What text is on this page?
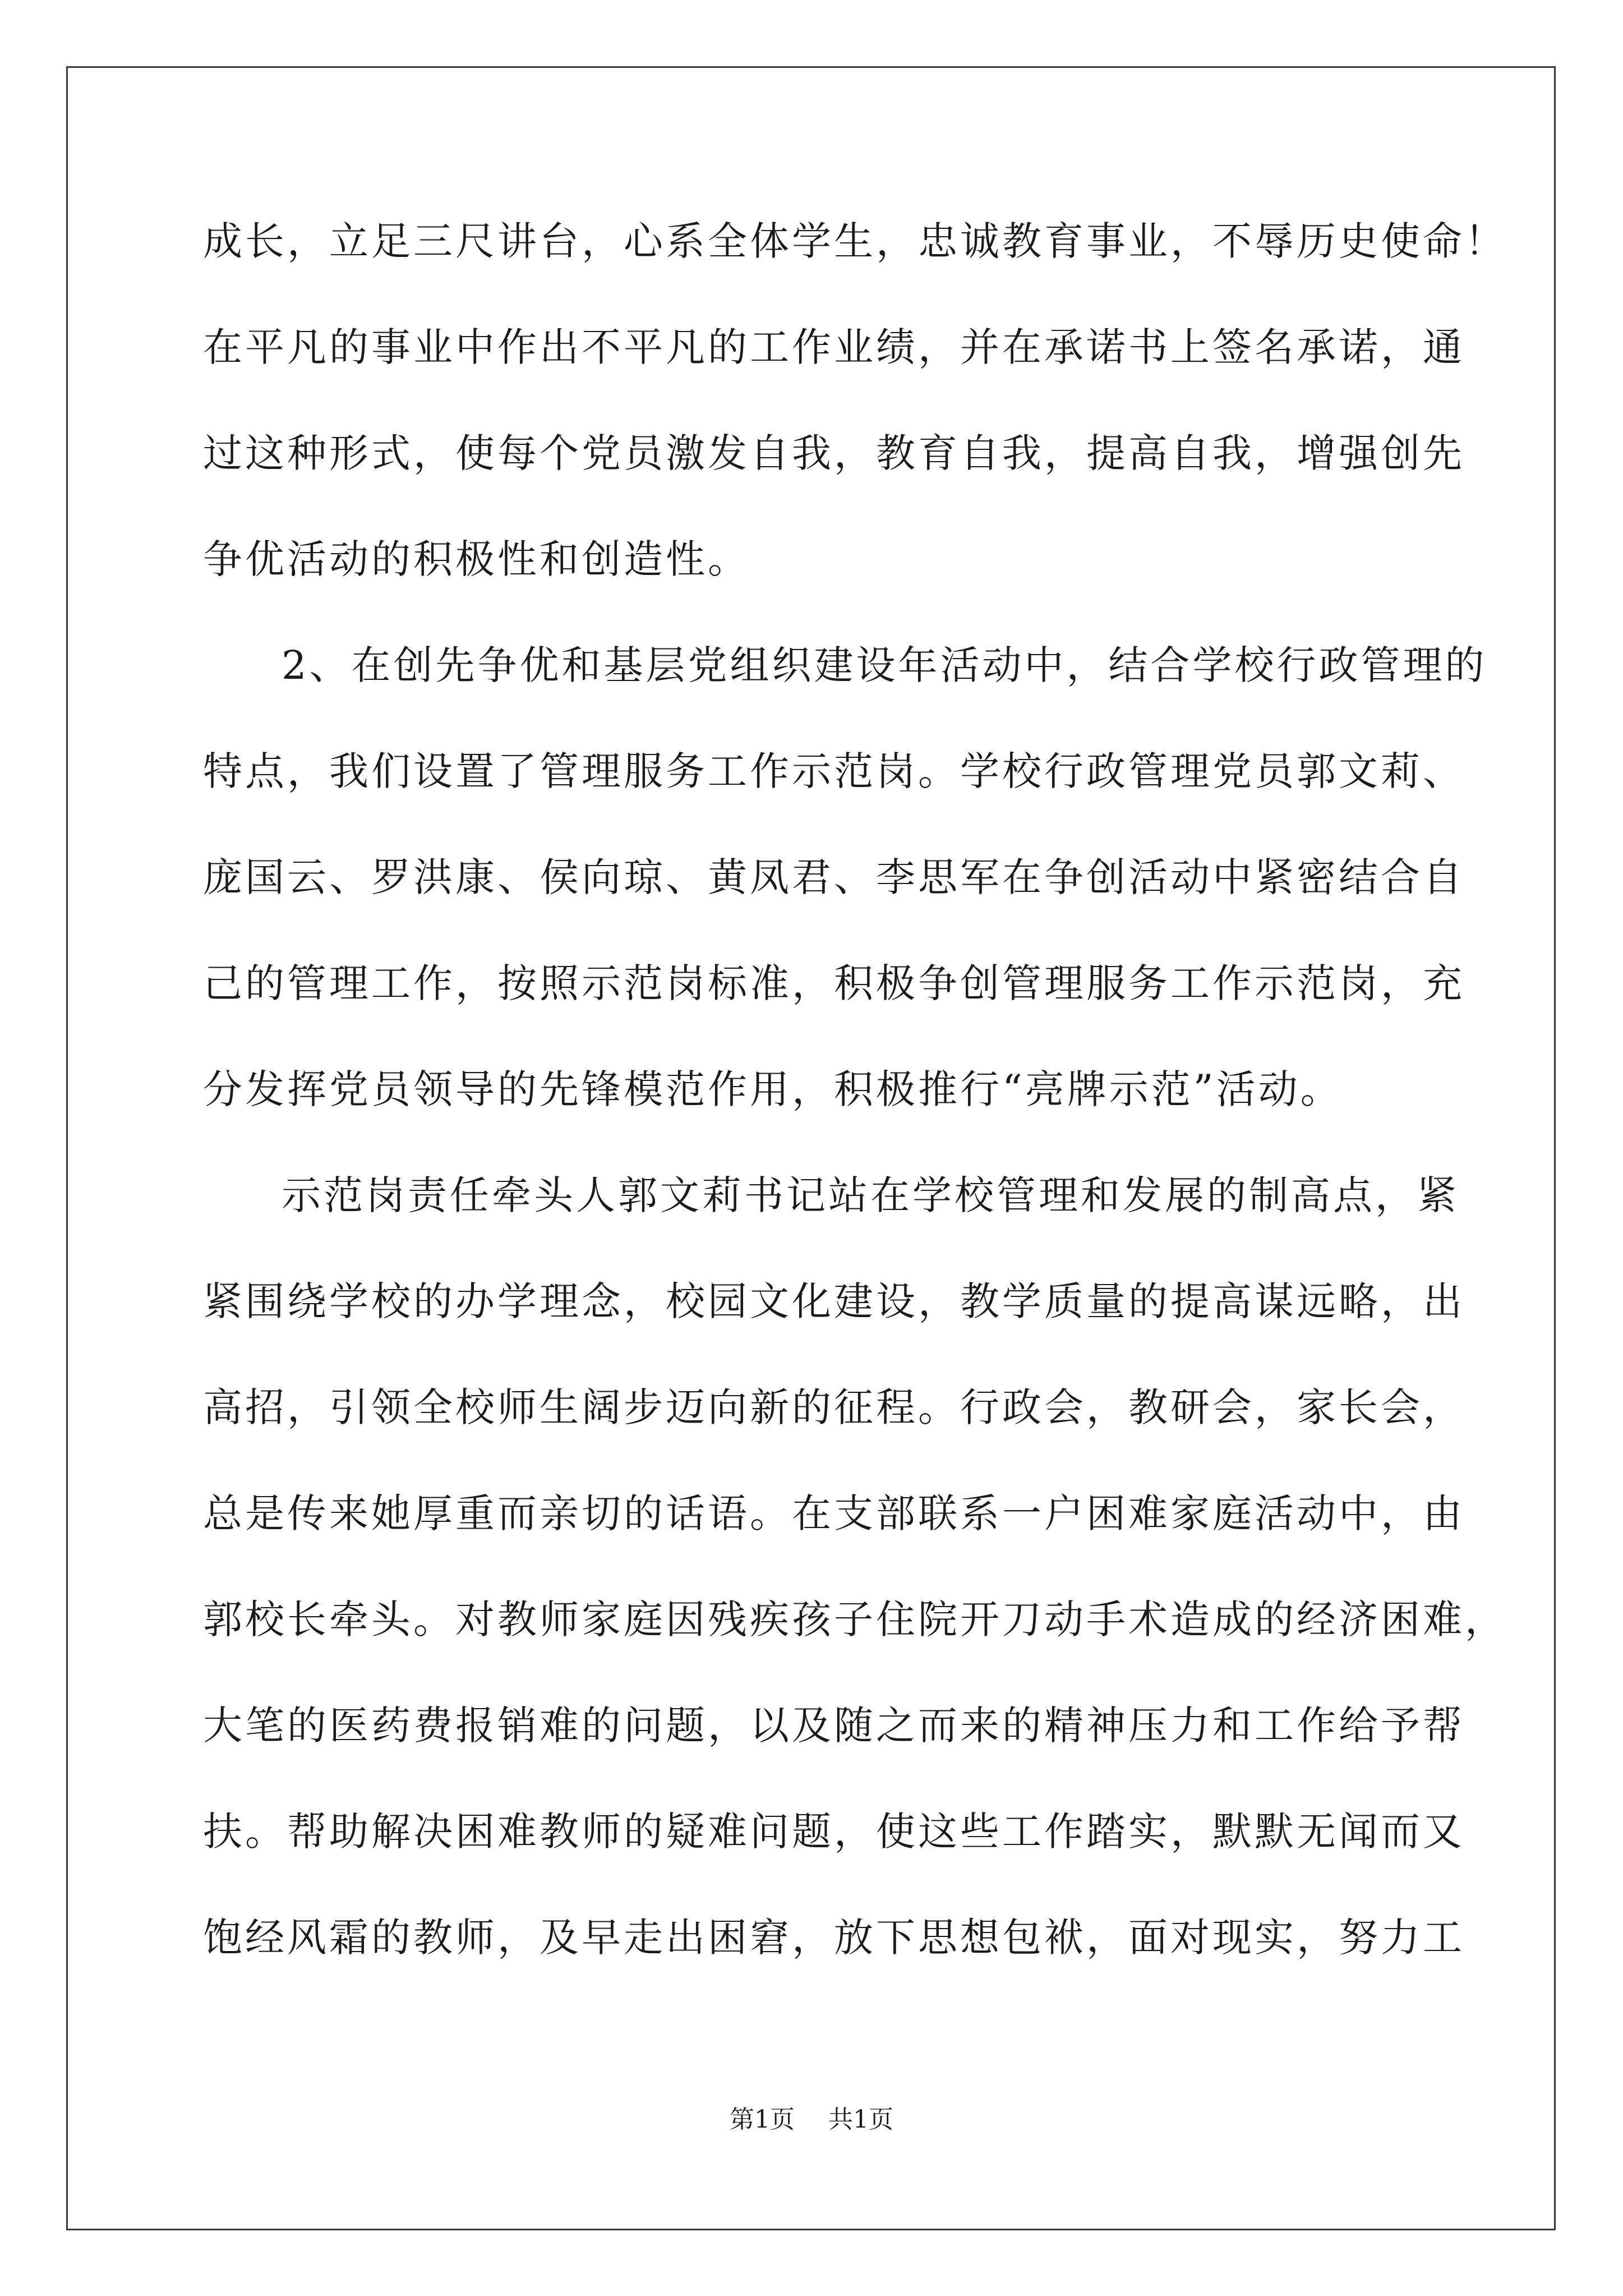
成长，立足三尺讲台，心系全体学生，忠诚教育事业，不辱历史使命！
在平凡的事业中作出不平凡的工作业绩，并在承诺书上签名承诺，通
过这种形式，使每个党员激发自我，教育自我，提高自我，增强创先
争优活动的积极性和创造性。
2、在创先争优和基层党组织建设年活动中，结合学校行政管理的
特点，我们设置了管理服务工作示范岗。学校行政管理党员郭文莉、
庞国云、罗洪康、侯向琼、黄凤君、李思军在争创活动中紧密结合自
己的管理工作，按照示范岗标准，积极争创管理服务工作示范岗，充
分发挥党员领导的先锋模范作用，积极推行“亮牌示范”活动。
示范岗责任牵头人郭文莉书记站在学校管理和发展的制高点，紧
紧围绕学校的办学理念，校园文化建设，教学质量的提高谋远略，出
高招，引领全校师生阔步迈向新的征程。行政会，教研会，家长会，
总是传来她厚重而亲切的话语。在支部联系一户困难家庭活动中，由
郭校长牵头。对教师家庭因残疾孩子住院开刀动手术造成的经济困难，
大笔的医药费报销难的问题，以及随之而来的精神压力和工作给予帮
扶。帮助解决困难教师的疑难问题，使这些工作踏实，默默无闻而又
饱经风霜的教师，及早走出困窘，放下思想包袱，面对现实，努力工
第1页 共1页
